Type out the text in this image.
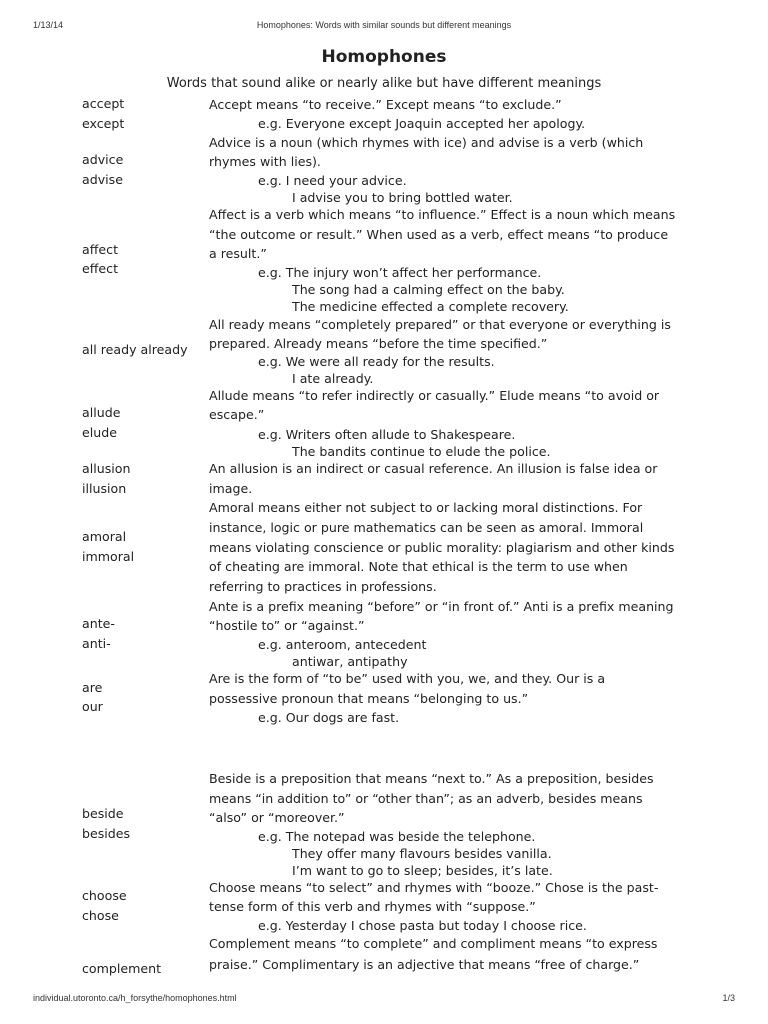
1/13/14	Homophones: Words with similar sounds but different meanings
Homophones
Words that sound alike or nearly alike but have different meanings
accept
except
Accept means “to receive.” Except means “to exclude.”
e.g. Everyone except Joaquin accepted her apology.
advice
advise
Advice is a noun (which rhymes with ice) and advise is a verb (which
rhymes with lies).
e.g. I need your advice.
I advise you to bring bottled water.
affect
effect
Affect is a verb which means “to influence.” Effect is a noun which means
“the outcome or result.” When used as a verb, effect means “to produce
a result.”
e.g. The injury won’t affect her performance.
The song had a calming effect on the baby.
The medicine effected a complete recovery.
all ready already
All ready means “completely prepared” or that everyone or everything is
prepared. Already means “before the time specified.”
e.g. We were all ready for the results.
I ate already.
allude
elude
Allude means “to refer indirectly or casually.” Elude means “to avoid or
escape.”
e.g. Writers often allude to Shakespeare.
The bandits continue to elude the police.
allusion
illusion
An allusion is an indirect or casual reference. An illusion is false idea or
image.
amoral
immoral
Amoral means either not subject to or lacking moral distinctions. For
instance, logic or pure mathematics can be seen as amoral. Immoral
means violating conscience or public morality: plagiarism and other kinds
of cheating are immoral. Note that ethical is the term to use when
referring to practices in professions.
ante-
anti-
Ante is a prefix meaning “before” or “in front of.” Anti is a prefix meaning
“hostile to” or “against.”
e.g. anteroom, antecedent
antiwar, antipathy
are
our
Are is the form of “to be” used with you, we, and they. Our is a
possessive pronoun that means “belonging to us.”
e.g. Our dogs are fast.
beside
besides
Beside is a preposition that means “next to.” As a preposition, besides
means “in addition to” or “other than”; as an adverb, besides means
“also” or “moreover.”
e.g. The notepad was beside the telephone.
They offer many flavours besides vanilla.
I’m want to go to sleep; besides, it’s late.
choose
chose
Choose means “to select” and rhymes with “booze.” Chose is the past-
tense form of this verb and rhymes with “suppose.”
e.g. Yesterday I chose pasta but today I choose rice.
complement
Complement means “to complete” and compliment means “to express
praise.” Complimentary is an adjective that means “free of charge.”
individual.utoronto.ca/h_forsythe/homophones.html	1/3
